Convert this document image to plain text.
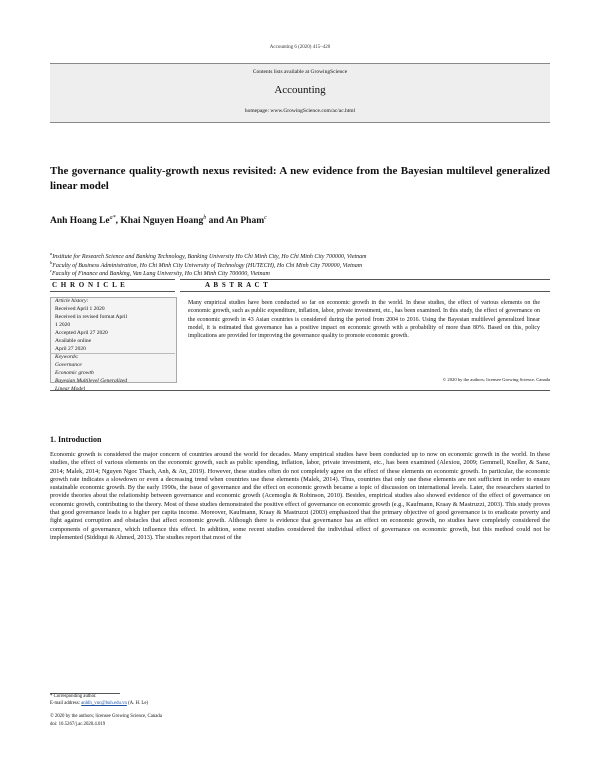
Accounting 6 (2020) 415–420
Contents lists available at GrowingScience
Accounting
homepage: www.GrowingScience.com/ac/ac.html
The governance quality-growth nexus revisited: A new evidence from the Bayesian multilevel generalized linear model
Anh Hoang $Le^{a*}$, Khai Nguyen Hoang$^b$ and An Pham$^c$
$^a$Institute for Research Science and Banking Technology, Banking University Ho Chi Minh City, Ho Chi Minh City 700000, Vietnam
$^b$Faculty of Business Administration, Ho Chi Minh City University of Technology (HUTECH), Ho Chi Minh City 700000, Vietnam
$^c$Faculty of Finance and Banking, Van Lang University, Ho Chi Minh City 700000, Vietnam
C H R O N I C L E	A B S T R A C T
Article history:
Received April 1 2020
Received in revised format April
1 2020
Accepted April 27 2020
Available online
April 27 2020
Keywords:
Governance
Economic growth
Bayesian Multilevel Generalized
Linear Model
Many empirical studies have been conducted so far on economic growth in the world. In these studies, the effect of various elements on the economic growth, such as public expenditure, inflation, labor, private investment, etc., has been examined. In this study, the effect of governance on the economic growth in 43 Asian countries is considered during the period from 2004 to 2016. Using the Bayesian multilevel generalized linear model, it is estimated that governance has a positive impact on economic growth with a probability of more than 80%. Based on this, policy implications are provided for improving the governance quality to promote economic growth.
© 2020 by the authors; licensee Growing Science, Canada
1. Introduction
Economic growth is considered the major concern of countries around the world for decades. Many empirical studies have been conducted up to now on economic growth in the world. In these studies, the effect of various elements on the economic growth, such as public spending, inflation, labor, private investment, etc., has been examined (Alexiou, 2009; Gemmell, Kneller, & Sanz, 2014; Malek, 2014; Nguyen Ngoc Thach, Anh, & An, 2019). However, these studies often do not completely agree on the effect of these elements on economic growth. In particular, the economic growth rate indicates a slowdown or even a decreasing trend when countries use these elements (Malek, 2014). Thus, countries that only use these elements are not sufficient in order to ensure sustainable economic growth. By the early 1990s, the issue of governance and the effect on economic growth became a topic of discussion on international levels. Later, the researchers started to provide theories about the relationship between governance and economic growth (Acemoglu & Robinson, 2010). Besides, empirical studies also showed evidence of the effect of governance on economic growth, contributing to the theory. Most of these studies demonstrated the positive effect of governance on economic growth (e.g., Kaufmann, Kraay & Mastruzzi, 2003). This study proves that good governance leads to a higher per capita income. Moreover, Kaufmann, Kraay & Mastruzzi (2003) emphasized that the primary objective of good governance is to eradicate poverty and fight against corruption and obstacles that affect economic growth. Although there is evidence that governance has an effect on economic growth, no studies have completely considered the components of governance, which influence this effect. In addition, some recent studies considered the individual effect of governance on economic growth, but this method could not be implemented (Siddiqui & Ahmed, 2013). The studies report that most of the
* Corresponding author.
E-mail address: anhlh_vnc@buh.edu.vn (A. H. Le)
© 2020 by the authors; licensee Growing Science, Canada
doi: 10.5267/j.ac.2020.4.019
